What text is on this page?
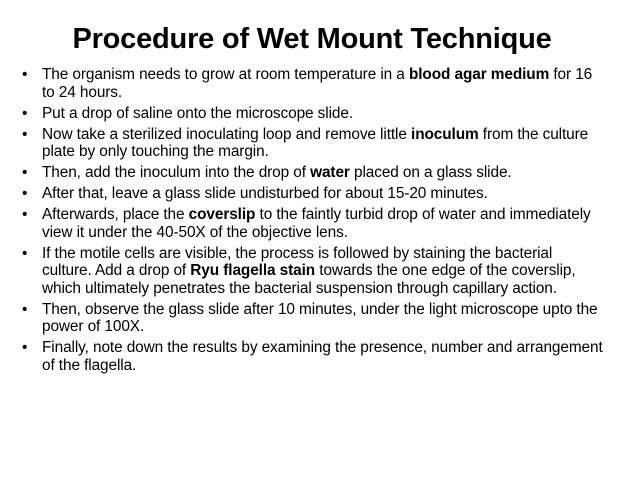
Procedure of Wet Mount Technique
• The organism needs to grow at room temperature in a blood agar medium for 16 to 24 hours.
• Put a drop of saline onto the microscope slide.
• Now take a sterilized inoculating loop and remove little inoculum from the culture plate by only touching the margin.
• Then, add the inoculum into the drop of water placed on a glass slide.
• After that, leave a glass slide undisturbed for about 15-20 minutes.
• Afterwards, place the coverslip to the faintly turbid drop of water and immediately view it under the 40-50X of the objective lens.
• If the motile cells are visible, the process is followed by staining the bacterial culture. Add a drop of Ryu flagella stain towards the one edge of the coverslip, which ultimately penetrates the bacterial suspension through capillary action.
• Then, observe the glass slide after 10 minutes, under the light microscope upto the power of 100X.
• Finally, note down the results by examining the presence, number and arrangement of the flagella.
